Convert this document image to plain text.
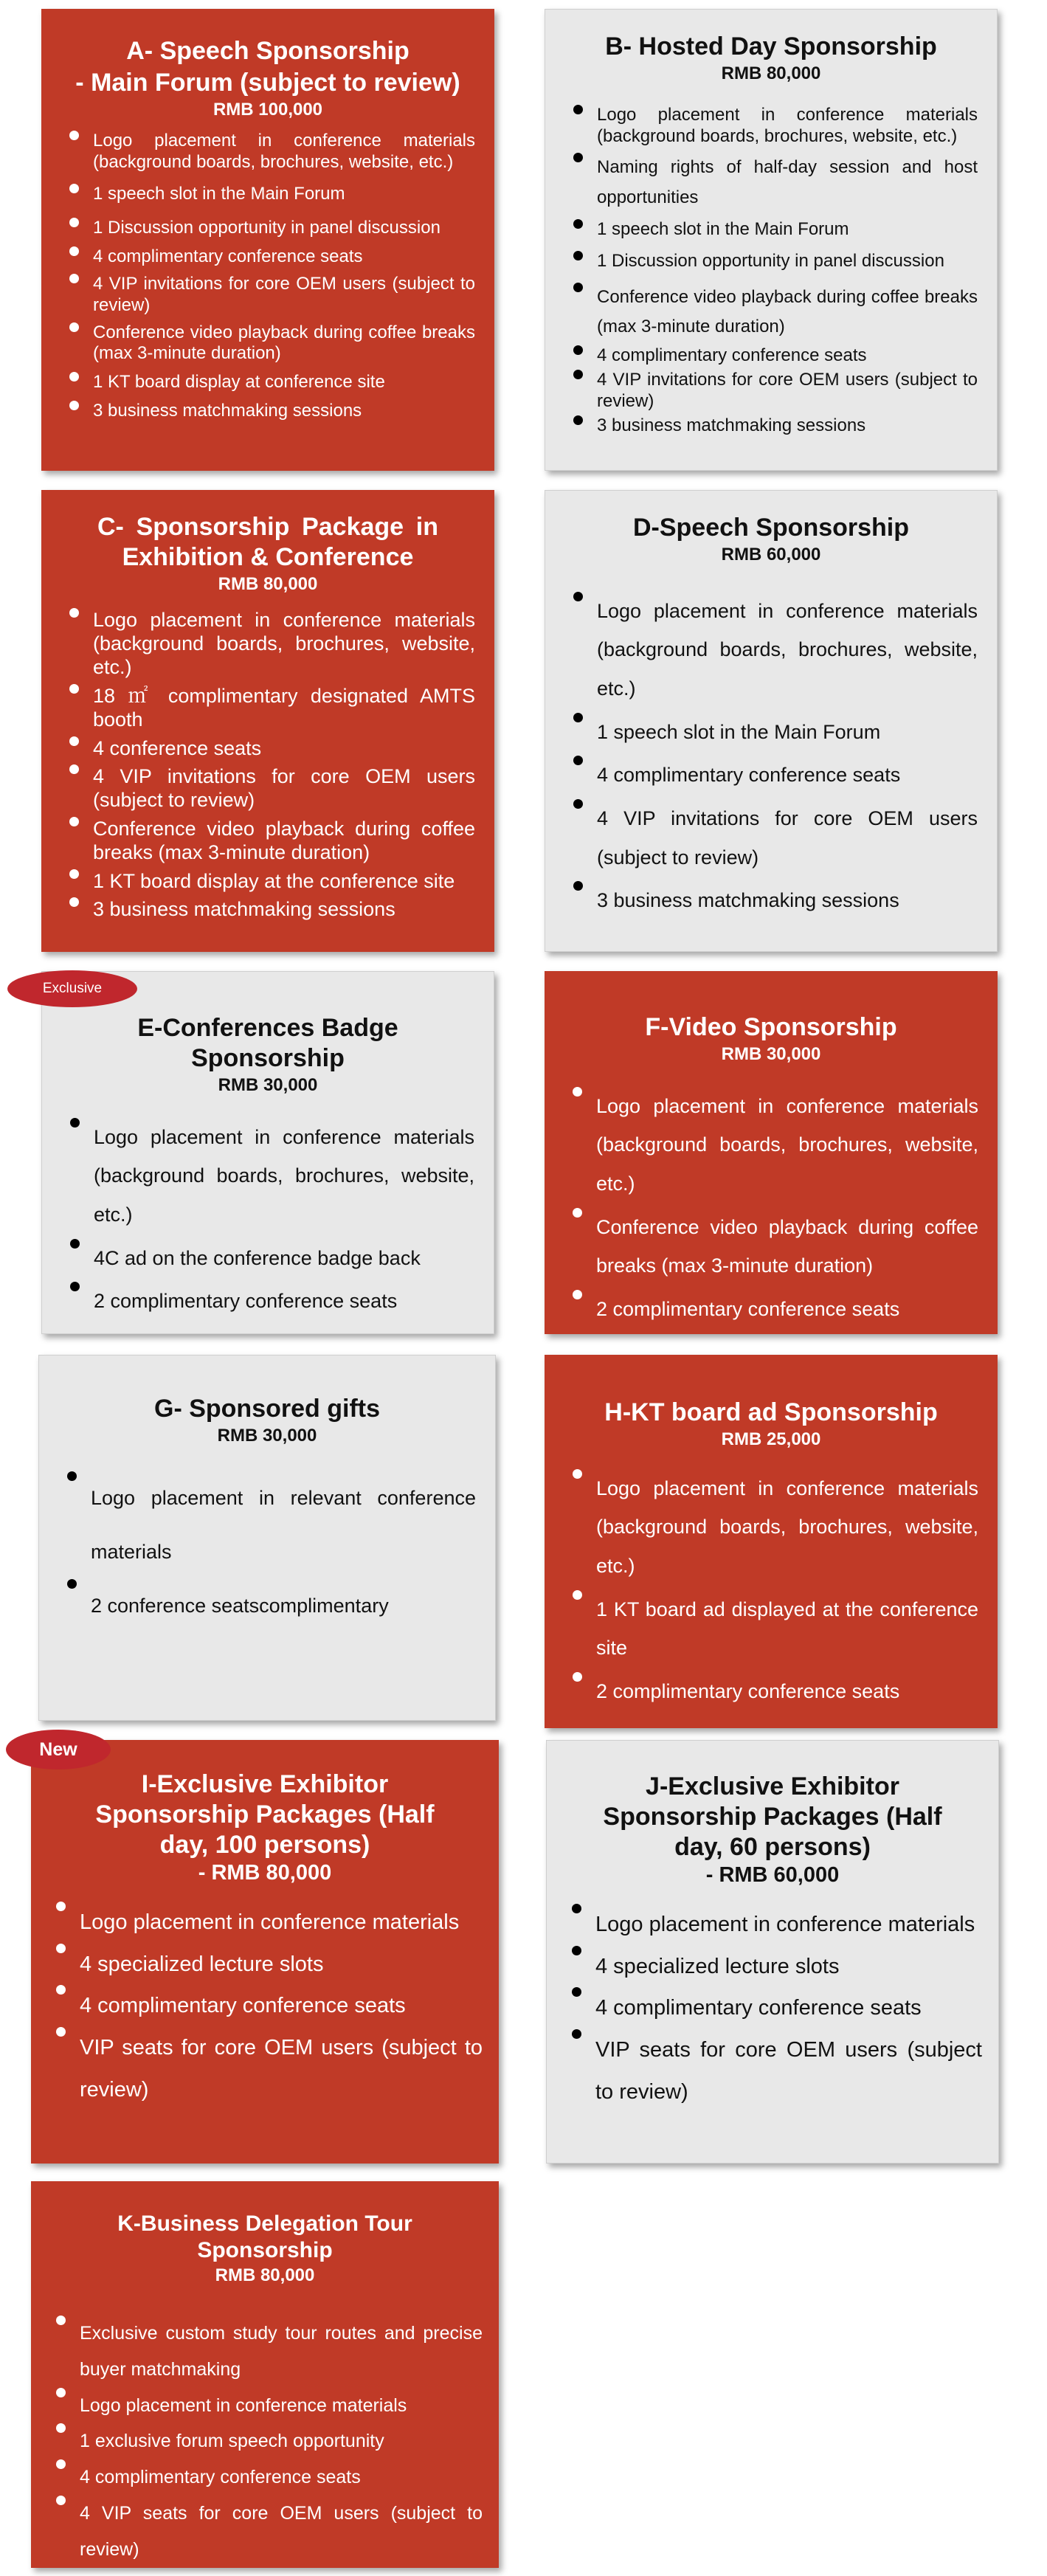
A- Speech Sponsorship
- Main Forum (subject to review)
RMB 100,000
Logo placement in conference materials (background boards, brochures, website, etc.)
1 speech slot in the Main Forum
1 Discussion opportunity in panel discussion
4 complimentary conference seats
4 VIP invitations for core OEM users (subject to review)
Conference video playback during coffee breaks (max 3-minute duration)
1 KT board display at conference site
3 business matchmaking sessions
B- Hosted Day Sponsorship
RMB 80,000
Logo placement in conference materials (background boards, brochures, website, etc.)
Naming rights of half-day session and host opportunities
1 speech slot in the Main Forum
1 Discussion opportunity in panel discussion
Conference video playback during coffee breaks (max 3-minute duration)
4 complimentary conference seats
4 VIP invitations for core OEM users (subject to review)
3 business matchmaking sessions
C- Sponsorship Package in Exhibition & Conference
RMB 80,000
Logo placement in conference materials (background boards, brochures, website, etc.)
18 ㎡ complimentary designated AMTS booth
4 conference seats
4 VIP invitations for core OEM users (subject to review)
Conference video playback during coffee breaks (max 3-minute duration)
1 KT board display at the conference site
3 business matchmaking sessions
D-Speech Sponsorship
RMB 60,000
Logo placement in conference materials (background boards, brochures, website, etc.)
1 speech slot in the Main Forum
4 complimentary conference seats
4 VIP invitations for core OEM users (subject to review)
3 business matchmaking sessions
E-Conferences Badge Sponsorship
RMB 30,000
Logo placement in conference materials (background boards, brochures, website, etc.)
4C ad on the conference badge back
2 complimentary conference seats
Exclusive
F-Video Sponsorship
RMB 30,000
Logo placement in conference materials (background boards, brochures, website, etc.)
Conference video playback during coffee breaks (max 3-minute duration)
2 complimentary conference seats
G- Sponsored gifts
RMB 30,000
Logo placement in relevant conference materials
2 conference seatscomplimentary
H-KT board ad Sponsorship
RMB 25,000
Logo placement in conference materials (background boards, brochures, website, etc.)
1 KT board ad displayed at the conference site
2 complimentary conference seats
I-Exclusive Exhibitor Sponsorship Packages (Half day, 100 persons)
- RMB 80,000
Logo placement in conference materials
4 specialized lecture slots
4 complimentary conference seats
VIP seats for core OEM users (subject to review)
New
J-Exclusive Exhibitor Sponsorship Packages (Half day, 60 persons)
- RMB 60,000
Logo placement in conference materials
4 specialized lecture slots
4 complimentary conference seats
VIP seats for core OEM users (subject to review)
K-Business Delegation Tour Sponsorship
RMB 80,000
Exclusive custom study tour routes and precise buyer matchmaking
Logo placement in conference materials
1 exclusive forum speech opportunity
4 complimentary conference seats
4 VIP seats for core OEM users (subject to review)
